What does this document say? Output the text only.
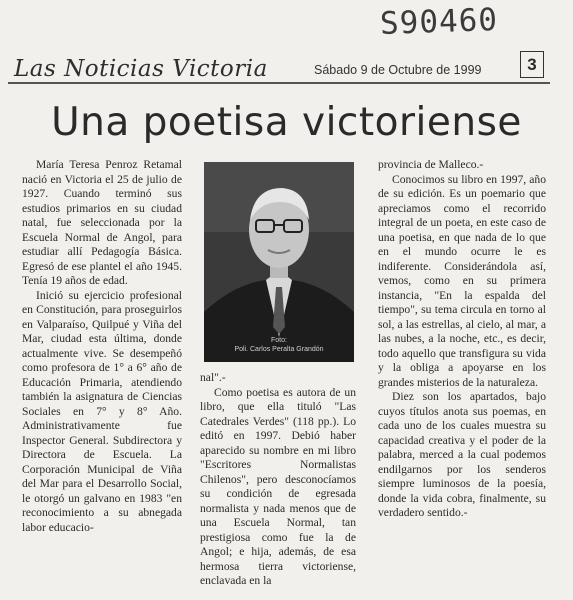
S90460
Las Noticias Victoria	Sábado 9 de Octubre de 1999	3
Una poetisa victoriense

María Teresa Penroz Retamal nació en Victoria el 25 de julio de 1927. Cuando terminó sus estudios primarios en su ciudad natal, fue seleccionada por la Escuela Normal de Angol, para estudiar allí Pedagogía Básica. Egresó de ese plantel el año 1945. Tenía 19 años de edad.

Inició su ejercicio profesional en Constitución, para proseguirlos en Valparaíso, Quilpué y Viña del Mar, ciudad esta última, donde actualmente vive. Se desempeñó como profesora de 1° a 6° año de Educación Primaria, atendiendo también la asignatura de Ciencias Sociales en 7° y 8° Año. Administrativamente fue Inspector General. Subdirectora y Directora de Escuela. La Corporación Municipal de Viña del Mar para el Desarrollo Social, le otorgó un galvano en 1983 "en reconocimiento a su abnegada labor educacio-

Foto:
Poli. Carlos Peralta Grandón

nal".-

Como poetisa es autora de un libro, que ella tituló "Las Catedrales Verdes" (118 pp.). Lo editó en 1997. Debió haber aparecido su nombre en mi libro "Escritores Normalistas Chilenos", pero desconocíamos su condición de egresada normalista y nada menos que de una Escuela Normal, tan prestigiosa como fue la de Angol; e hija, además, de esa hermosa tierra victoriense, enclavada en la

provincia de Malleco.-

Conocimos su libro en 1997, año de su edición. Es un poemario que apreciamos como el recorrido integral de un poeta, en este caso de una poetisa, en que nada de lo que en el mundo ocurre le es indiferente. Considerándola así, vemos, como en su primera instancia, "En la espalda del tiempo", su tema circula en torno al sol, a las estrellas, al cielo, al mar, a las nubes, a la noche, etc., es decir, todo aquello que transfigura su vida y la obliga a apoyarse en los grandes misterios de la naturaleza.

Diez son los apartados, bajo cuyos títulos anota sus poemas, en cada uno de los cuales muestra su capacidad creativa y el poder de la palabra, merced a la cual podemos endilgarnos por los senderos siempre luminosos de la poesía, donde la vida cobra, finalmente, su verdadero sentido.-
